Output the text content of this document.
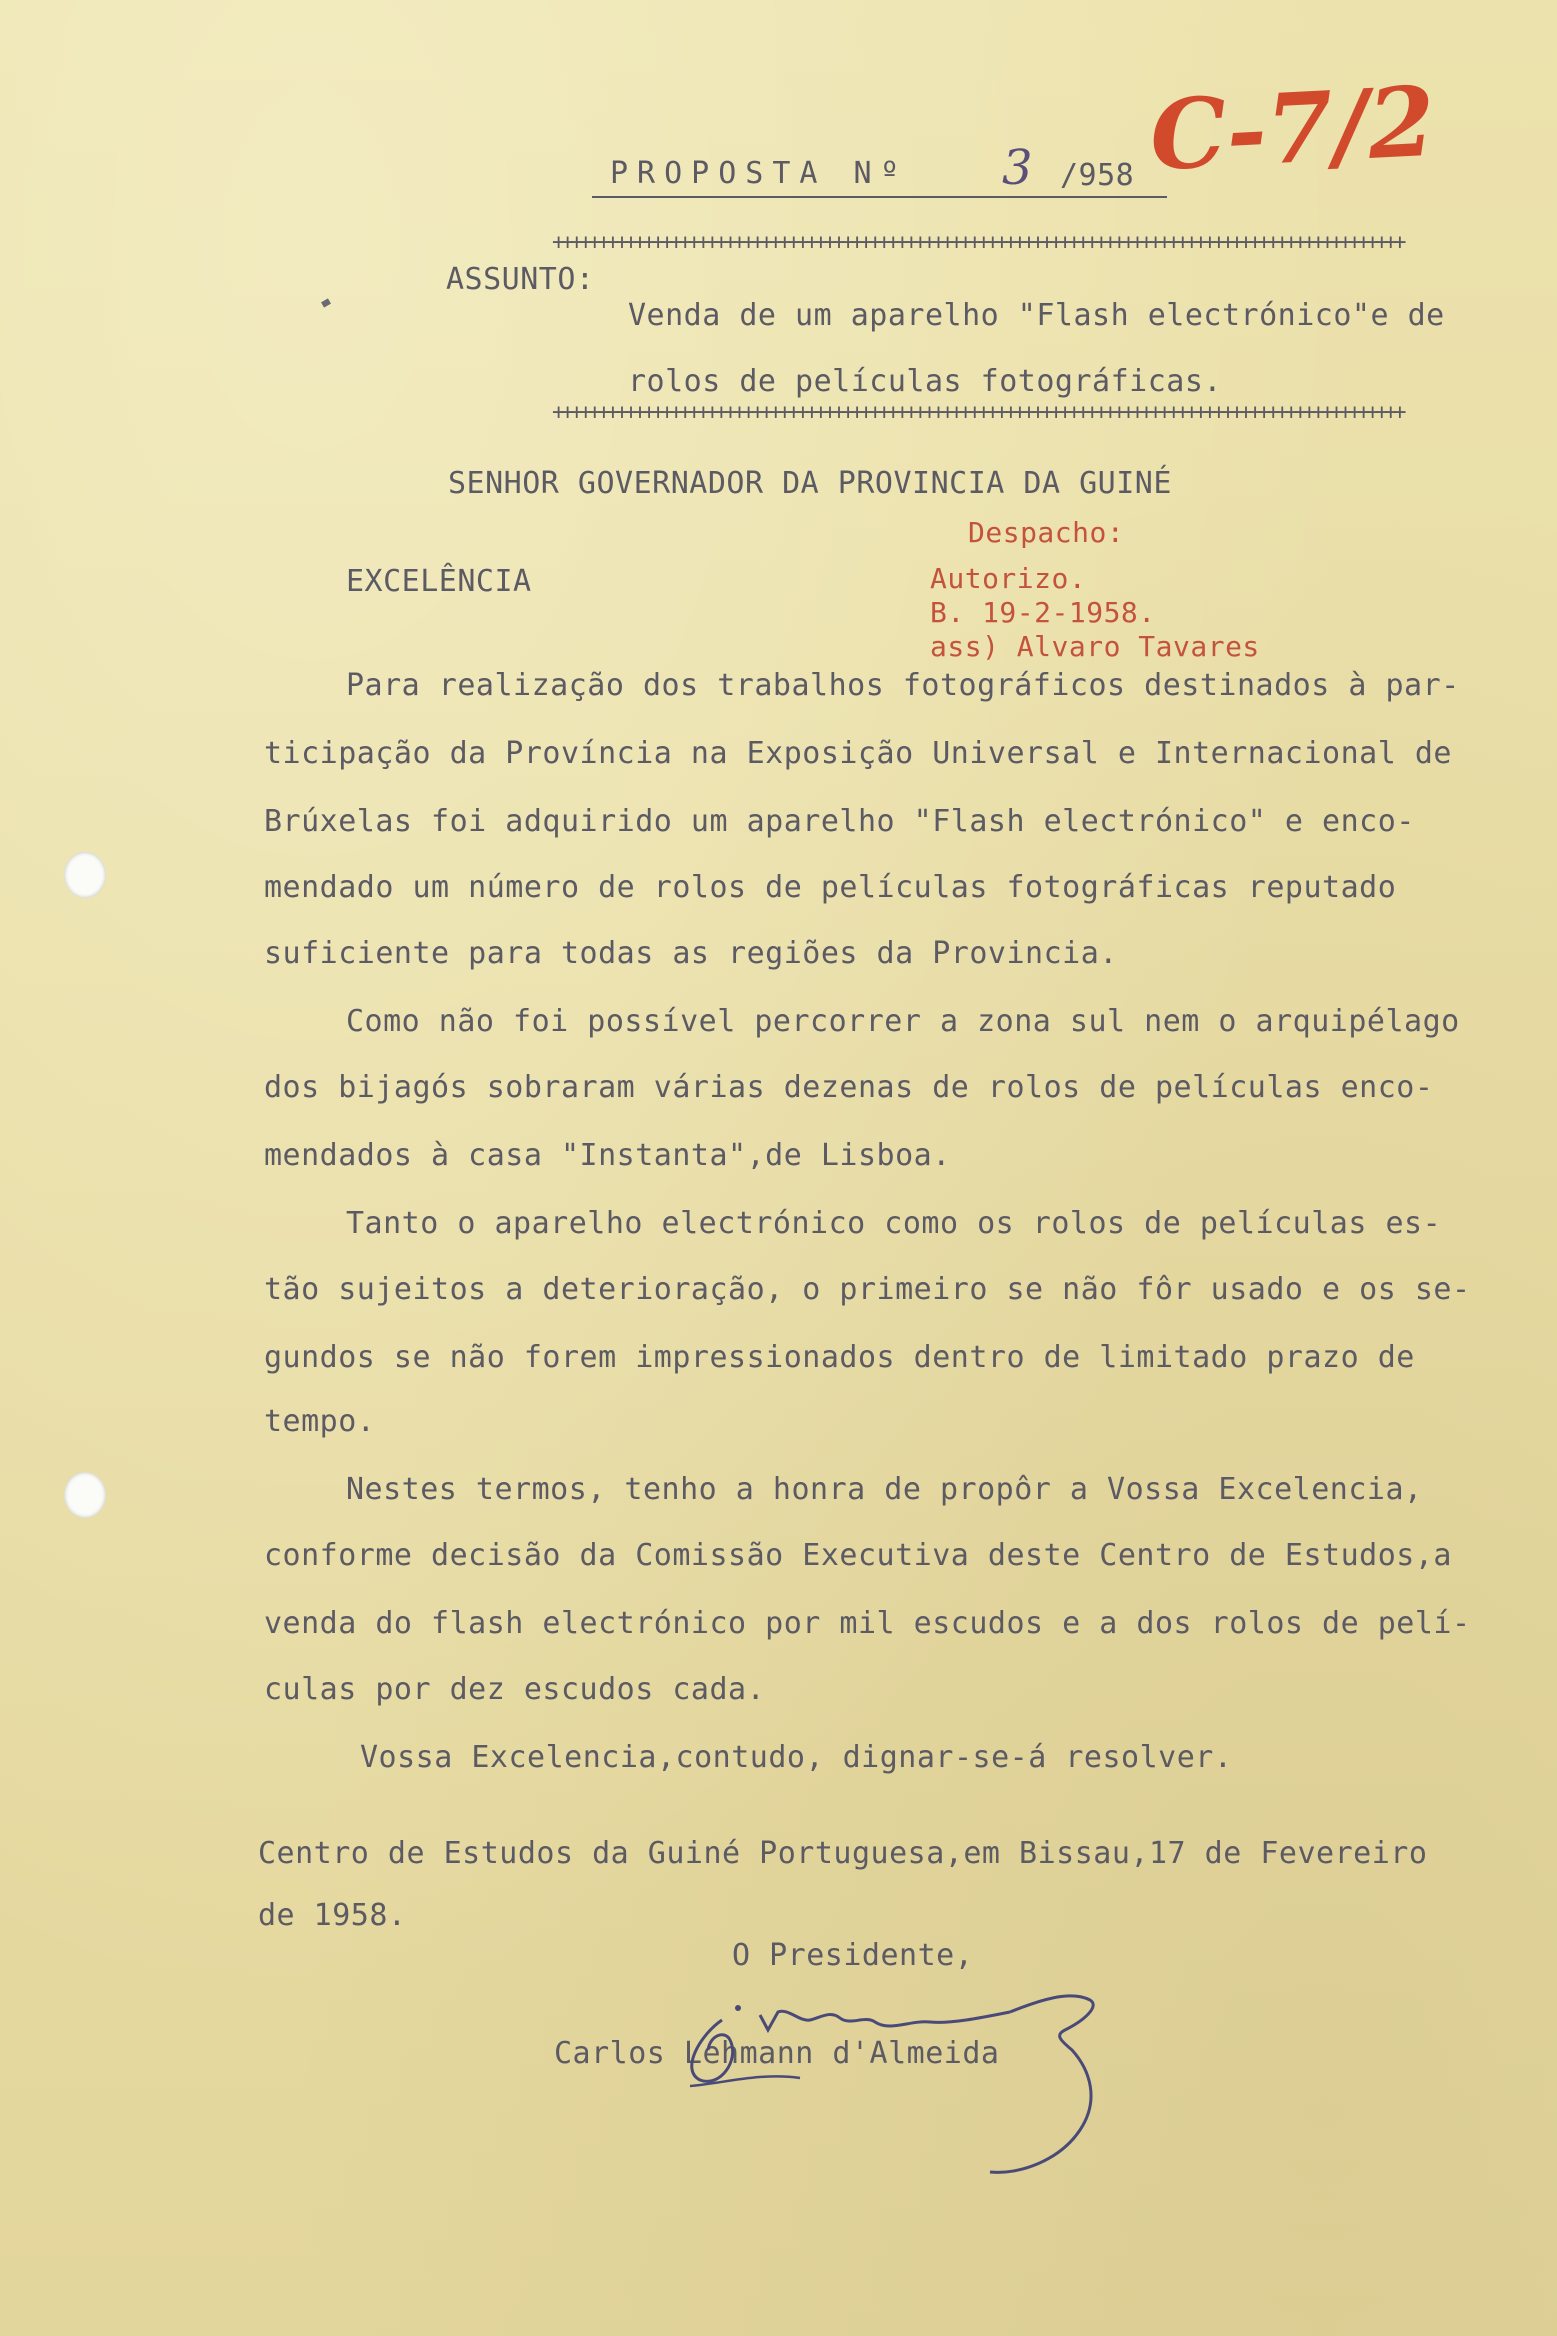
PROPOSTA Nº 3 /958 C-7/2
++++++++++++++++++++++++++++++++++++++++++++++++++++++++++++++++++++++++++++++++++++++++++++++
ASSUNTO:
Venda de um aparelho "Flash electrónico"e de
rolos de películas fotográficas.
++++++++++++++++++++++++++++++++++++++++++++++++++++++++++++++++++++++++++++++++++++++++++++++
SENHOR GOVERNADOR DA PROVINCIA DA GUINÉ
Despacho:
Autorizo.
B. 19-2-1958.
ass) Alvaro Tavares
EXCELÊNCIA
Para realização dos trabalhos fotográficos destinados à par-
ticipação da Província na Exposição Universal e Internacional de
Brúxelas foi adquirido um aparelho "Flash electrónico" e enco-
mendado um número de rolos de películas fotográficas reputado
suficiente para todas as regiões da Provincia.
Como não foi possível percorrer a zona sul nem o arquipélago
dos bijagós sobraram várias dezenas de rolos de películas enco-
mendados à casa "Instanta",de Lisboa.
Tanto o aparelho electrónico como os rolos de películas es-
tão sujeitos a deterioração, o primeiro se não fôr usado e os se-
gundos se não forem impressionados dentro de limitado prazo de
tempo.
Nestes termos, tenho a honra de propôr a Vossa Excelencia,
conforme decisão da Comissão Executiva deste Centro de Estudos,a
venda do flash electrónico por mil escudos e a dos rolos de pelí-
culas por dez escudos cada.
Vossa Excelencia,contudo, dignar-se-á resolver.
Centro de Estudos da Guiné Portuguesa,em Bissau,17 de Fevereiro
de 1958.
O Presidente,
Carlos Lehmann d'Almeida
